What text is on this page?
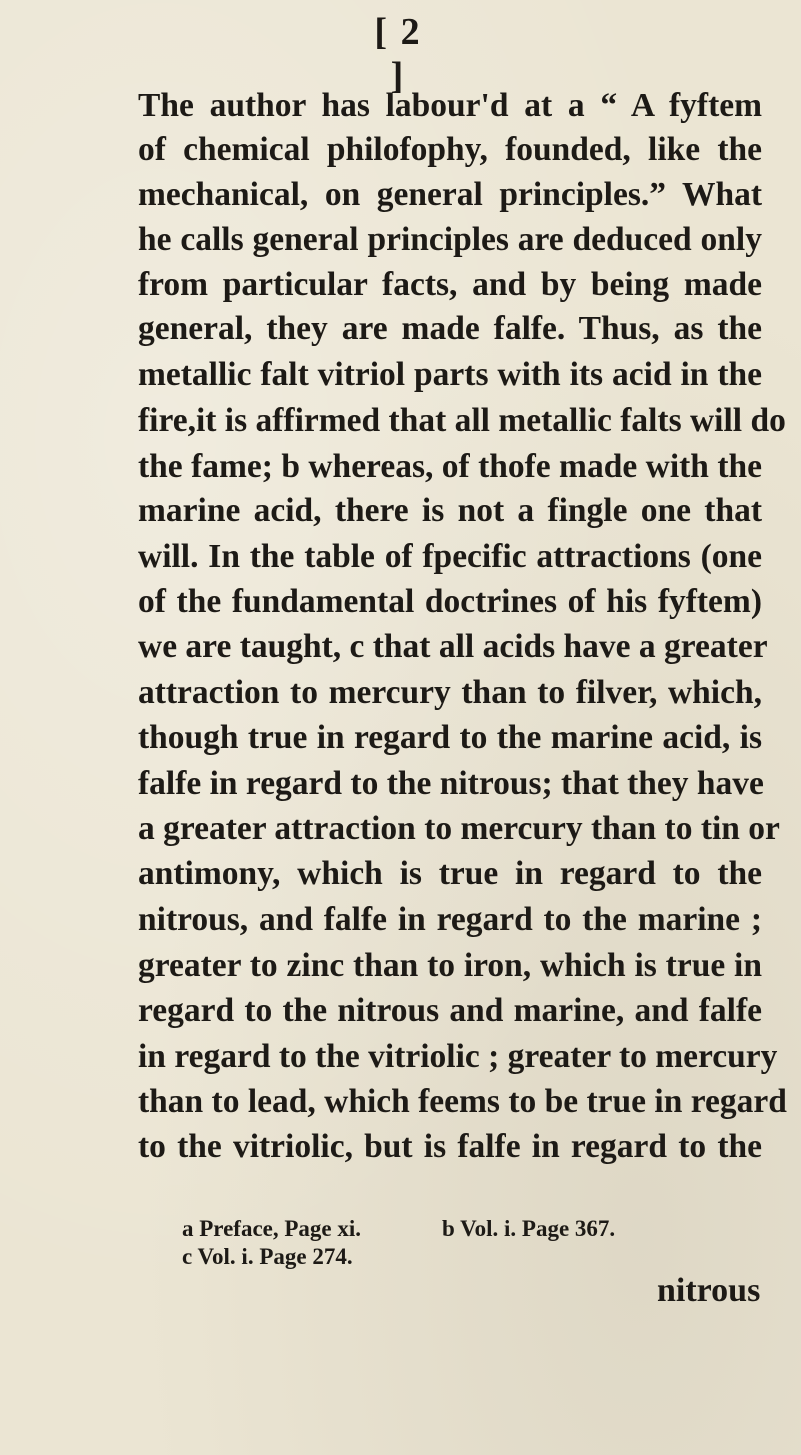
[ 2 ]
The author has labour'd at a “ A fyftem
of chemical philofophy, founded, like the
mechanical, on general principles.” What
he calls general principles are deduced only
from particular facts, and by being made
general, they are made falfe. Thus, as the
metallic falt vitriol parts with its acid in the
fire,it is affirmed that all metallic falts will do
the fame; b whereas, of thofe made with the
marine acid, there is not a fingle one that
will. In the table of fpecific attractions (one
of the fundamental doctrines of his fyftem)
we are taught, c that all acids have a greater
attraction to mercury than to filver, which,
though true in regard to the marine acid, is
falfe in regard to the nitrous; that they have
a greater attraction to mercury than to tin or
antimony, which is true in regard to the
nitrous, and falfe in regard to the marine ;
greater to zinc than to iron, which is true in
regard to the nitrous and marine, and falfe
in regard to the vitriolic ; greater to mercury
than to lead, which feems to be true in regard
to the vitriolic, but is falfe in regard to the
a Preface, Page xi.	b Vol. i. Page 367.
c Vol. i. Page 274.
nitrous
